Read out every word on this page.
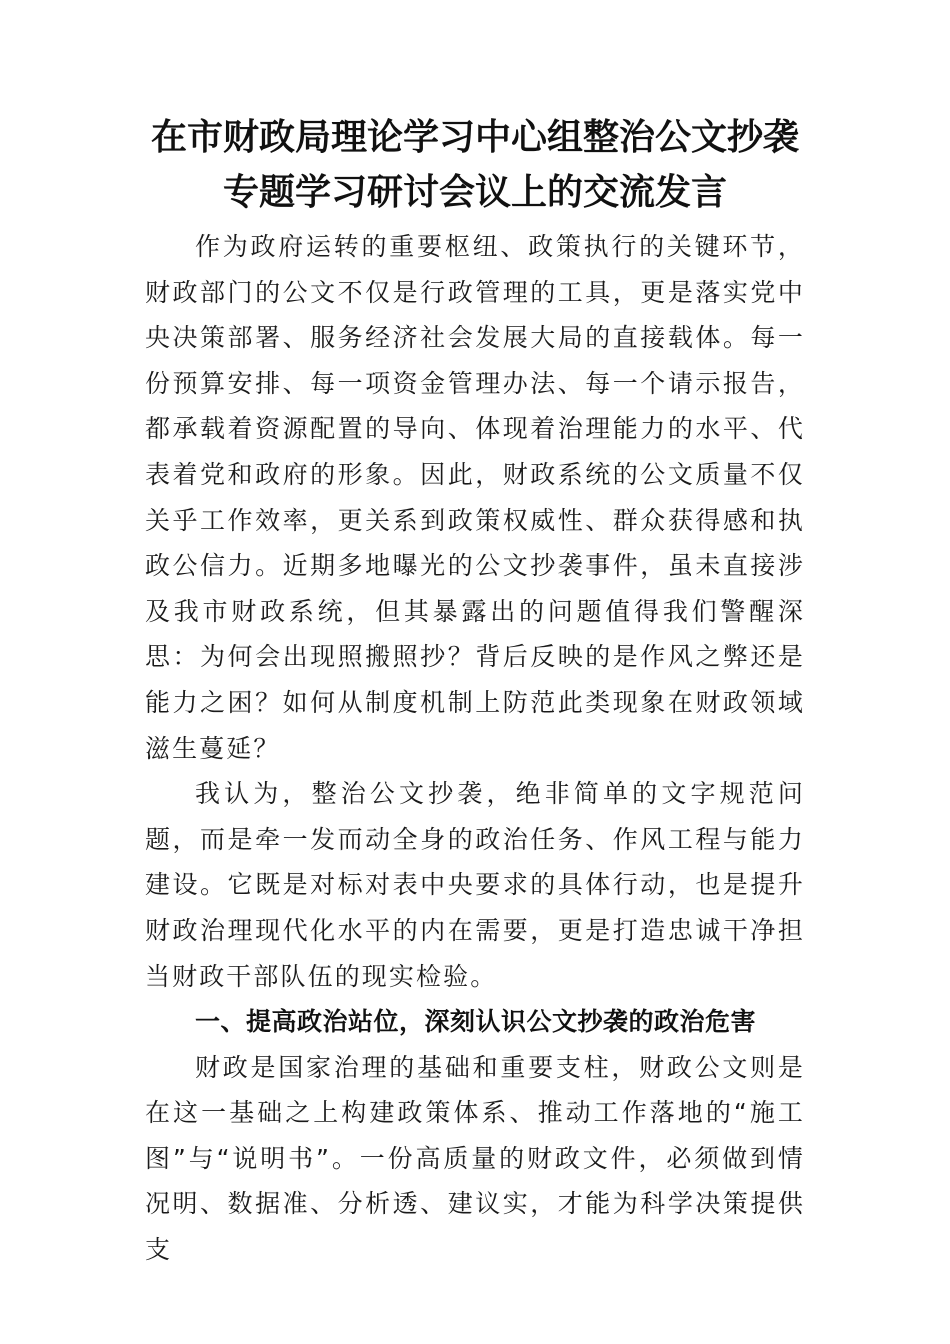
在市财政局理论学习中心组整治公文抄袭
专题学习研讨会议上的交流发言

作为政府运转的重要枢纽、政策执行的关键环节，财政部门的公文不仅是行政管理的工具，更是落实党中央决策部署、服务经济社会发展大局的直接载体。每一份预算安排、每一项资金管理办法、每一个请示报告，都承载着资源配置的导向、体现着治理能力的水平、代表着党和政府的形象。因此，财政系统的公文质量不仅关乎工作效率，更关系到政策权威性、群众获得感和执政公信力。近期多地曝光的公文抄袭事件，虽未直接涉及我市财政系统，但其暴露出的问题值得我们警醒深思：为何会出现照搬照抄？背后反映的是作风之弊还是能力之困？如何从制度机制上防范此类现象在财政领域滋生蔓延？

我认为，整治公文抄袭，绝非简单的文字规范问题，而是牵一发而动全身的政治任务、作风工程与能力建设。它既是对标对表中央要求的具体行动，也是提升财政治理现代化水平的内在需要，更是打造忠诚干净担当财政干部队伍的现实检验。

一、提高政治站位，深刻认识公文抄袭的政治危害

财政是国家治理的基础和重要支柱，财政公文则是在这一基础之上构建政策体系、推动工作落地的“施工图”与“说明书”。一份高质量的财政文件，必须做到情况明、数据准、分析透、建议实，才能为科学决策提供支
